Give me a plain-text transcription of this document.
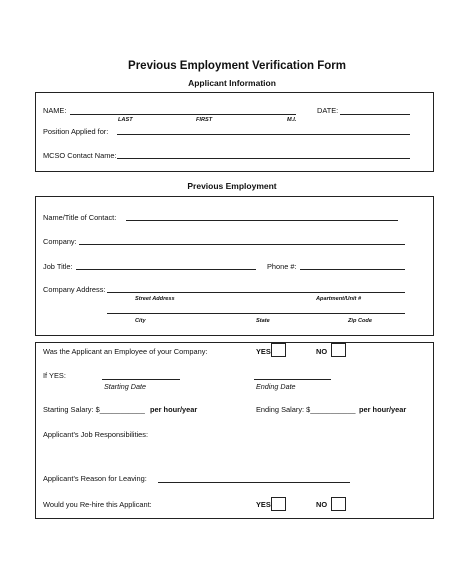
Previous Employment Verification Form
Applicant Information
NAME:	DATE:
LAST	FIRST	M.I.
Position Applied for:
MCSO Contact Name:
Previous Employment
Name/Title of Contact:
Company:
Job Title:	Phone #:
Company Address:
Street Address	Apartment/Unit #
City	State	Zip Code
Was the Applicant an Employee of your Company:	YES	NO
If YES:
Starting Date	Ending Date
Starting Salary: $___________ per hour/year	Ending Salary: $___________ per hour/year
Applicant’s Job Responsibilities:
Applicant’s Reason for Leaving:
Would you Re-hire this Applicant:	YES	NO
